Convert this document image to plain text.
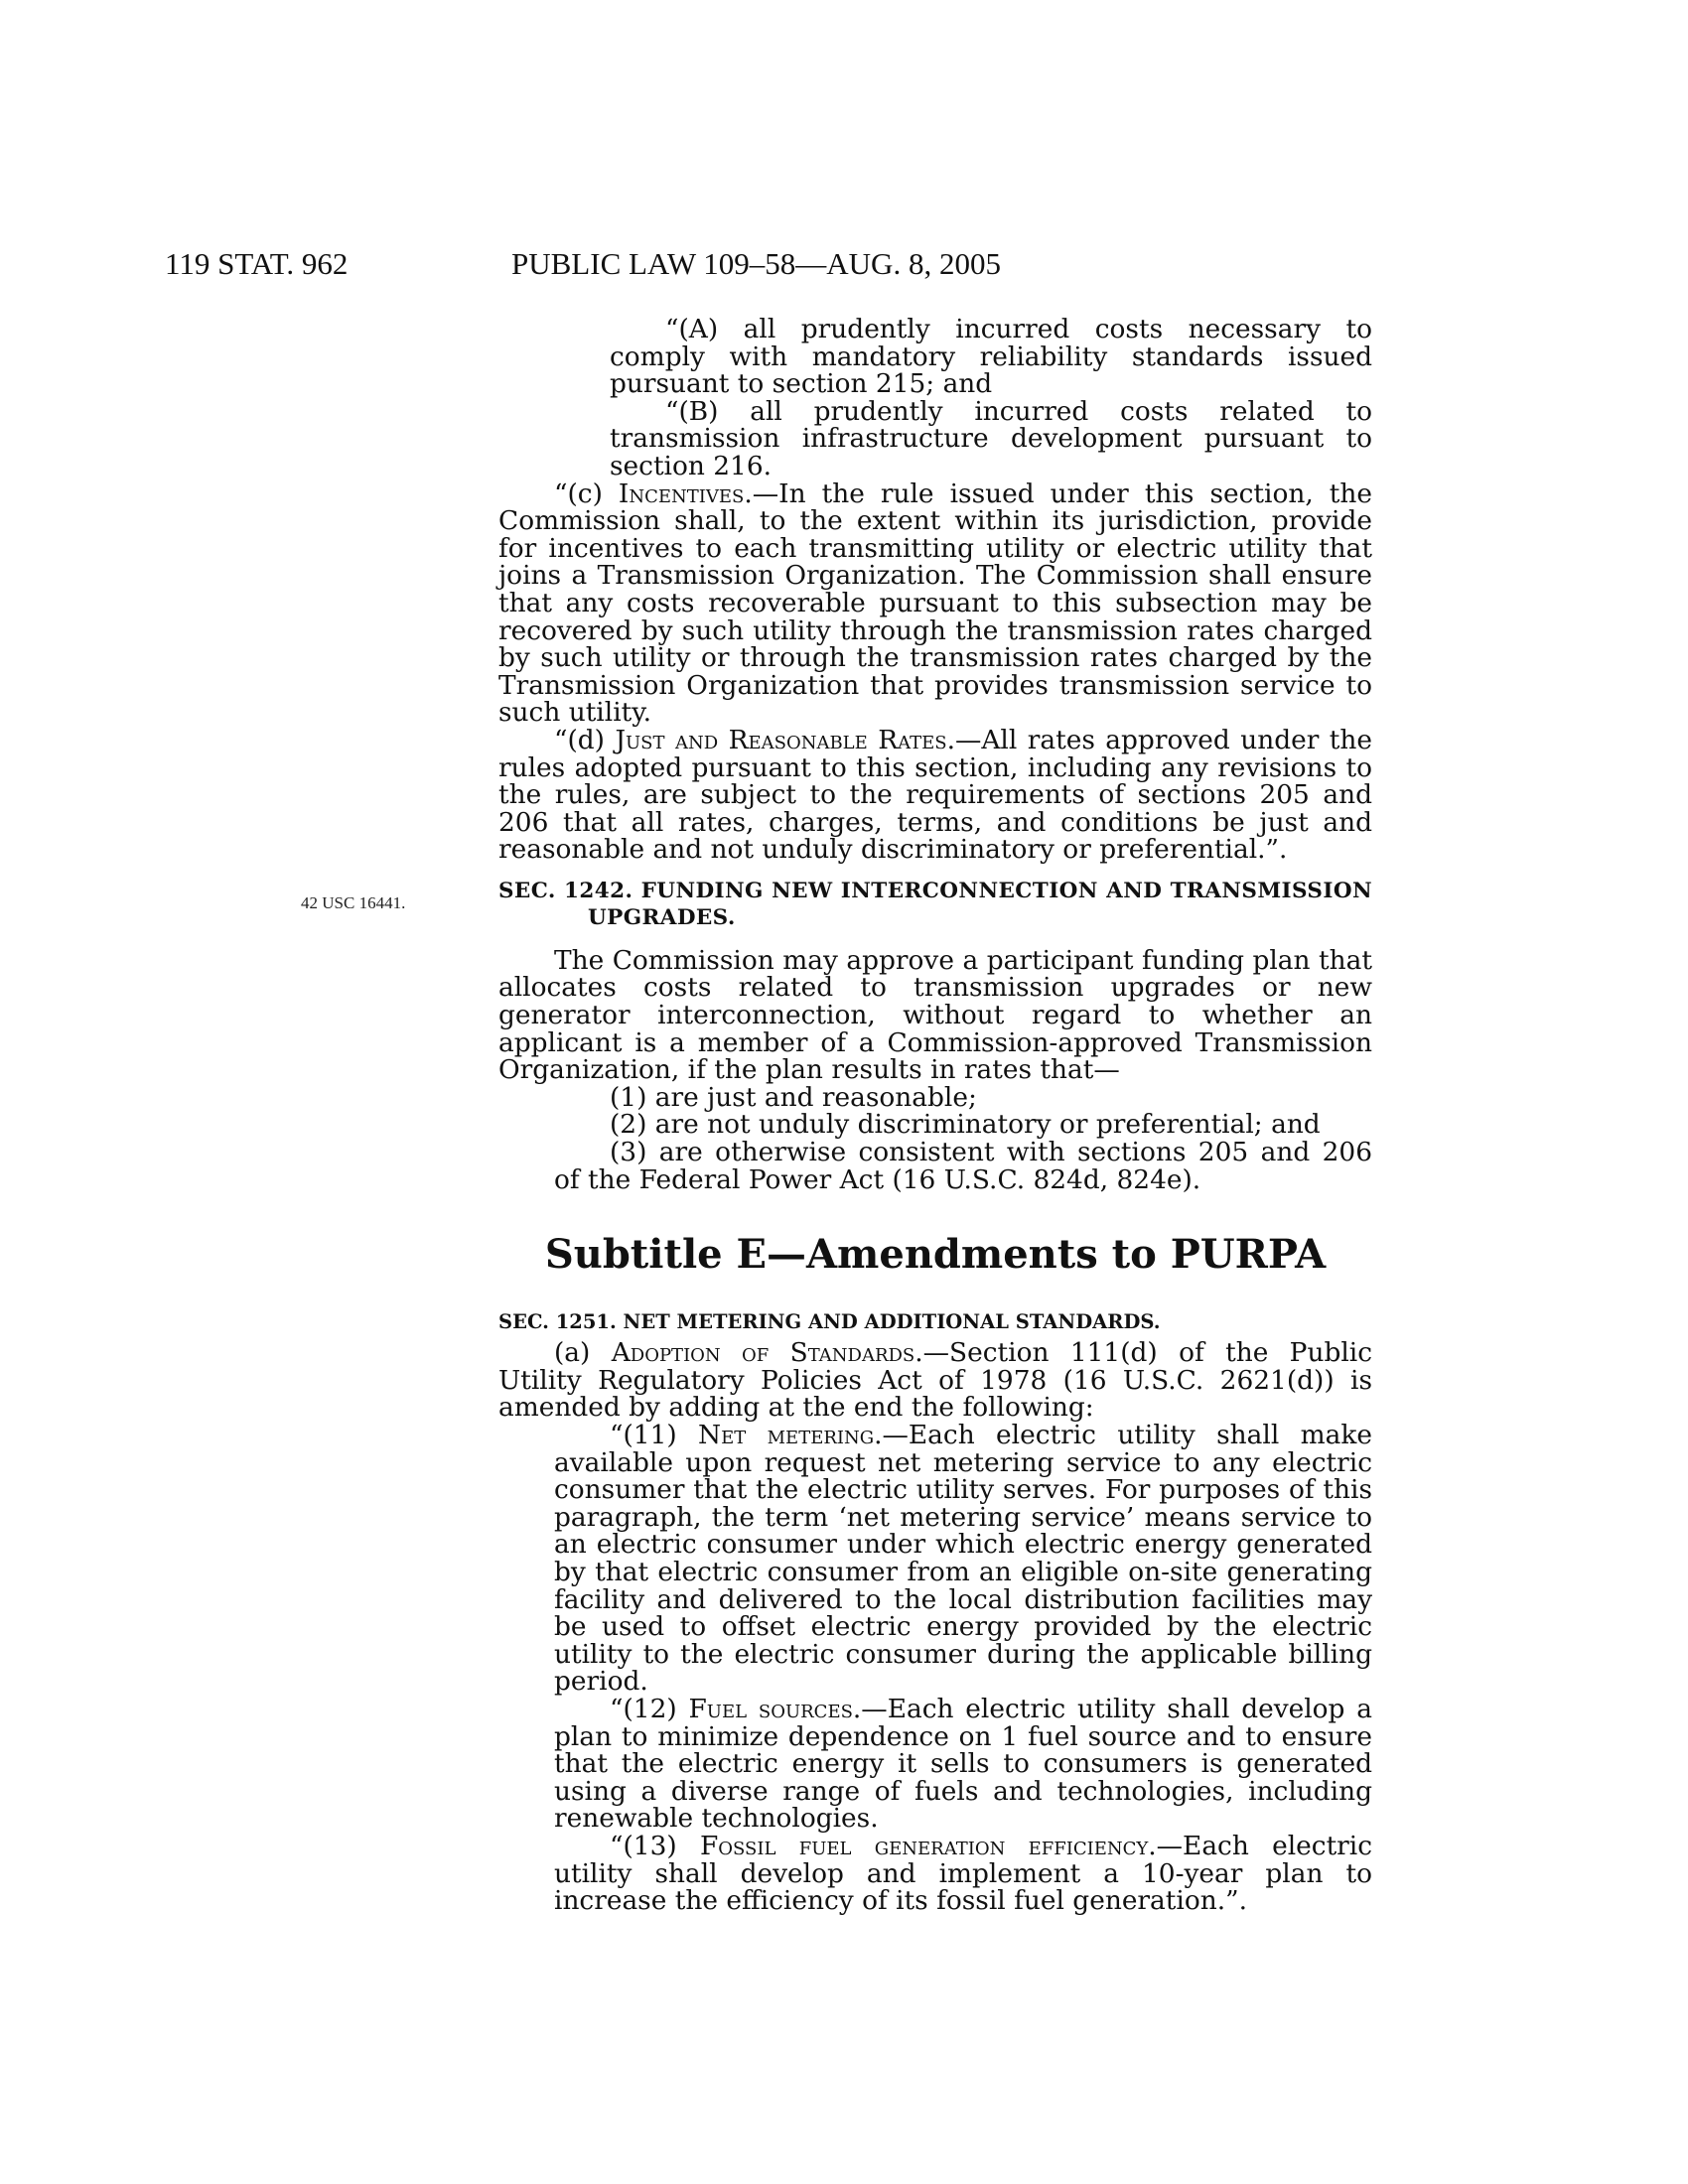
119 STAT. 962	PUBLIC LAW 109–58—AUG. 8, 2005
42 USC 16441.

“(A) all prudently incurred costs necessary to comply with mandatory reliability standards issued pursuant to section 215; and

“(B) all prudently incurred costs related to transmission infrastructure development pursuant to section 216.

“(c) Incentives.—In the rule issued under this section, the Commission shall, to the extent within its jurisdiction, provide for incentives to each transmitting utility or electric utility that joins a Transmission Organization. The Commission shall ensure that any costs recoverable pursuant to this subsection may be recovered by such utility through the transmission rates charged by such utility or through the transmission rates charged by the Transmission Organization that provides transmission service to such utility.

“(d) Just and Reasonable Rates.—All rates approved under the rules adopted pursuant to this section, including any revisions to the rules, are subject to the requirements of sections 205 and 206 that all rates, charges, terms, and conditions be just and reasonable and not unduly discriminatory or preferential.”.

SEC. 1242. FUNDING NEW INTERCONNECTION AND TRANSMISSION UPGRADES.

The Commission may approve a participant funding plan that allocates costs related to transmission upgrades or new generator interconnection, without regard to whether an applicant is a member of a Commission-approved Transmission Organization, if the plan results in rates that—

(1) are just and reasonable;

(2) are not unduly discriminatory or preferential; and

(3) are otherwise consistent with sections 205 and 206 of the Federal Power Act (16 U.S.C. 824d, 824e).

Subtitle E—Amendments to PURPA

SEC. 1251. NET METERING AND ADDITIONAL STANDARDS.

(a) Adoption of Standards.—Section 111(d) of the Public Utility Regulatory Policies Act of 1978 (16 U.S.C. 2621(d)) is amended by adding at the end the following:

“(11) Net metering.—Each electric utility shall make available upon request net metering service to any electric consumer that the electric utility serves. For purposes of this paragraph, the term ‘net metering service’ means service to an electric consumer under which electric energy generated by that electric consumer from an eligible on-site generating facility and delivered to the local distribution facilities may be used to offset electric energy provided by the electric utility to the electric consumer during the applicable billing period.

“(12) Fuel sources.—Each electric utility shall develop a plan to minimize dependence on 1 fuel source and to ensure that the electric energy it sells to consumers is generated using a diverse range of fuels and technologies, including renewable technologies.

“(13) Fossil fuel generation efficiency.—Each electric utility shall develop and implement a 10-year plan to increase the efficiency of its fossil fuel generation.”.
